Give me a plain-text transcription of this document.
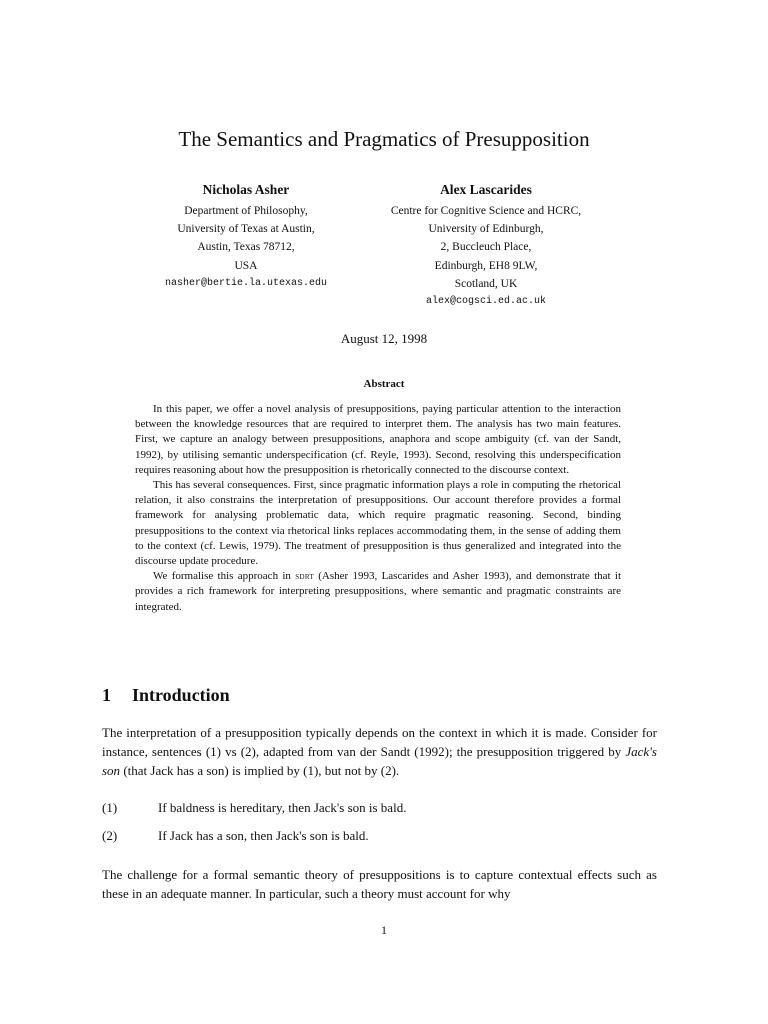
The Semantics and Pragmatics of Presupposition
Nicholas Asher
Department of Philosophy,
University of Texas at Austin,
Austin, Texas 78712,
USA
nasher@bertie.la.utexas.edu
Alex Lascarides
Centre for Cognitive Science and HCRC,
University of Edinburgh,
2, Buccleuch Place,
Edinburgh, EH8 9LW,
Scotland, UK
alex@cogsci.ed.ac.uk
August 12, 1998
Abstract

In this paper, we offer a novel analysis of presuppositions, paying particular attention to the interaction between the knowledge resources that are required to interpret them. The analysis has two main features. First, we capture an analogy between presuppositions, anaphora and scope ambiguity (cf. van der Sandt, 1992), by utilising semantic underspecification (cf. Reyle, 1993). Second, resolving this underspecification requires reasoning about how the presupposition is rhetorically connected to the discourse context.

This has several consequences. First, since pragmatic information plays a role in computing the rhetorical relation, it also constrains the interpretation of presuppositions. Our account therefore provides a formal framework for analysing problematic data, which require pragmatic reasoning. Second, binding presuppositions to the context via rhetorical links replaces accommodating them, in the sense of adding them to the context (cf. Lewis, 1979). The treatment of presupposition is thus generalized and integrated into the discourse update procedure.

We formalise this approach in sdrt (Asher 1993, Lascarides and Asher 1993), and demonstrate that it provides a rich framework for interpreting presuppositions, where semantic and pragmatic constraints are integrated.

1 Introduction

The interpretation of a presupposition typically depends on the context in which it is made. Consider for instance, sentences (1) vs (2), adapted from van der Sandt (1992); the presupposition triggered by Jack's son (that Jack has a son) is implied by (1), but not by (2).

(1)	If baldness is hereditary, then Jack's son is bald.
(2)	If Jack has a son, then Jack's son is bald.

The challenge for a formal semantic theory of presuppositions is to capture contextual effects such as these in an adequate manner. In particular, such a theory must account for why

1
